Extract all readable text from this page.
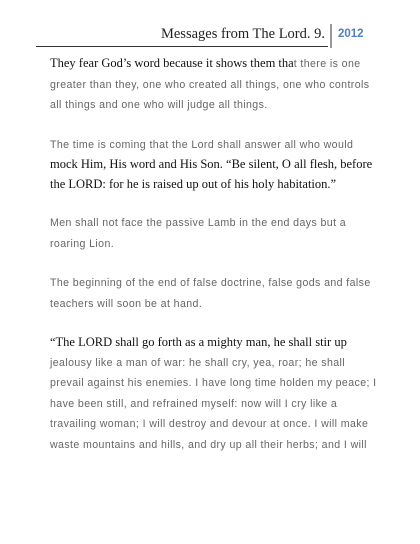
Messages from The Lord. 9. 2012
They fear God’s word because it shows them that there is one
greater than they, one who created all things, one who controls
all things and one who will judge all things.
The time is coming that the Lord shall answer all who would
mock Him, His word and His Son. “Be silent, O all flesh, before
the LORD: for he is raised up out of his holy habitation.”
Men shall not face the passive Lamb in the end days but a
roaring Lion.
The beginning of the end of false doctrine, false gods and false
teachers will soon be at hand.
“The LORD shall go forth as a mighty man, he shall stir up
jealousy like a man of war: he shall cry, yea, roar; he shall
prevail against his enemies. I have long time holden my peace; I
have been still, and refrained myself: now will I cry like a
travailing woman; I will destroy and devour at once. I will make
waste mountains and hills, and dry up all their herbs; and I will
